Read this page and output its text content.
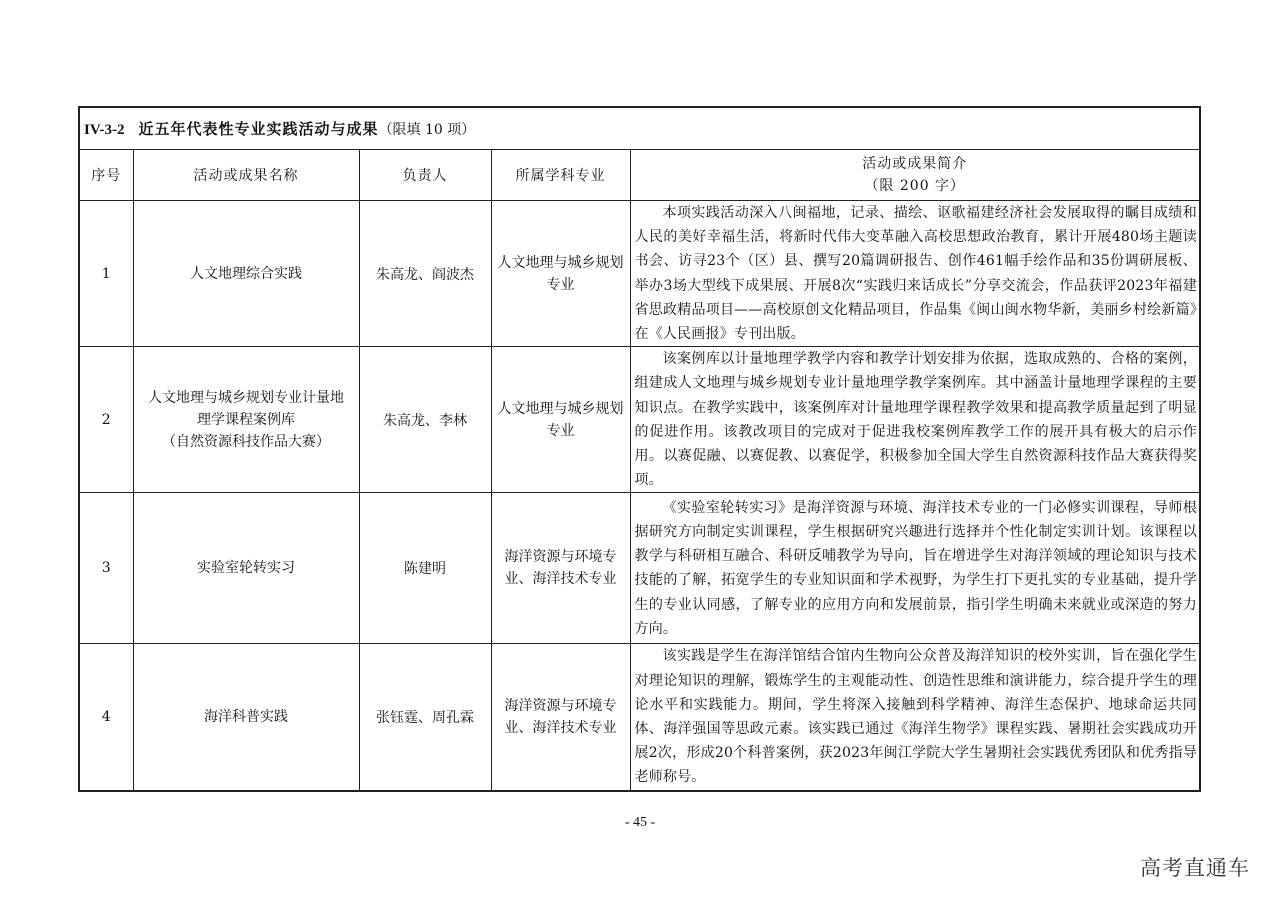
IV-3-2 近五年代表性专业实践活动与成果（限填 10 项）				
序号	活动或成果名称	负责人	所属学科专业	活动或成果简介
（限 200 字）

1	人文地理综合实践	朱高龙、阎波杰	人文地理与城乡规划专业	本项实践活动深入八闽福地，记录、描绘、讴歌福建经济社会发展取得的瞩目成绩和人民的美好幸福生活，将新时代伟大变革融入高校思想政治教育，累计开展480场主题读书会、访寻23个（区）县、撰写20篇调研报告、创作461幅手绘作品和35份调研展板、举办3场大型线下成果展、开展8次“实践归来话成长”分享交流会，作品获评2023年福建省思政精品项目——高校原创文化精品项目，作品集《闽山闽水物华新，美丽乡村绘新篇》在《人民画报》专刊出版。

2	人文地理与城乡规划专业计量地
理学课程案例库
（自然资源科技作品大赛）	朱高龙、李林	人文地理与城乡规划专业	该案例库以计量地理学教学内容和教学计划安排为依据，选取成熟的、合格的案例，组建成人文地理与城乡规划专业计量地理学教学案例库。其中涵盖计量地理学课程的主要知识点。在教学实践中，该案例库对计量地理学课程教学效果和提高教学质量起到了明显的促进作用。该教改项目的完成对于促进我校案例库教学工作的展开具有极大的启示作用。以赛促融、以赛促教、以赛促学，积极参加全国大学生自然资源科技作品大赛获得奖项。

3	实验室轮转实习	陈建明	海洋资源与环境专业、海洋技术专业	《实验室轮转实习》是海洋资源与环境、海洋技术专业的一门必修实训课程，导师根据研究方向制定实训课程，学生根据研究兴趣进行选择并个性化制定实训计划。该课程以教学与科研相互融合、科研反哺教学为导向，旨在增进学生对海洋领域的理论知识与技术技能的了解，拓宽学生的专业知识面和学术视野，为学生打下更扎实的专业基础，提升学生的专业认同感，了解专业的应用方向和发展前景，指引学生明确未来就业或深造的努力方向。

4	海洋科普实践	张钰霆、周孔霖	海洋资源与环境专业、海洋技术专业	该实践是学生在海洋馆结合馆内生物向公众普及海洋知识的校外实训，旨在强化学生对理论知识的理解，锻炼学生的主观能动性、创造性思维和演讲能力，综合提升学生的理论水平和实践能力。期间，学生将深入接触到科学精神、海洋生态保护、地球命运共同体、海洋强国等思政元素。该实践已通过《海洋生物学》课程实践、暑期社会实践成功开展2次，形成20个科普案例，获2023年闽江学院大学生暑期社会实践优秀团队和优秀指导老师称号。

- 45 -
高考直通车
